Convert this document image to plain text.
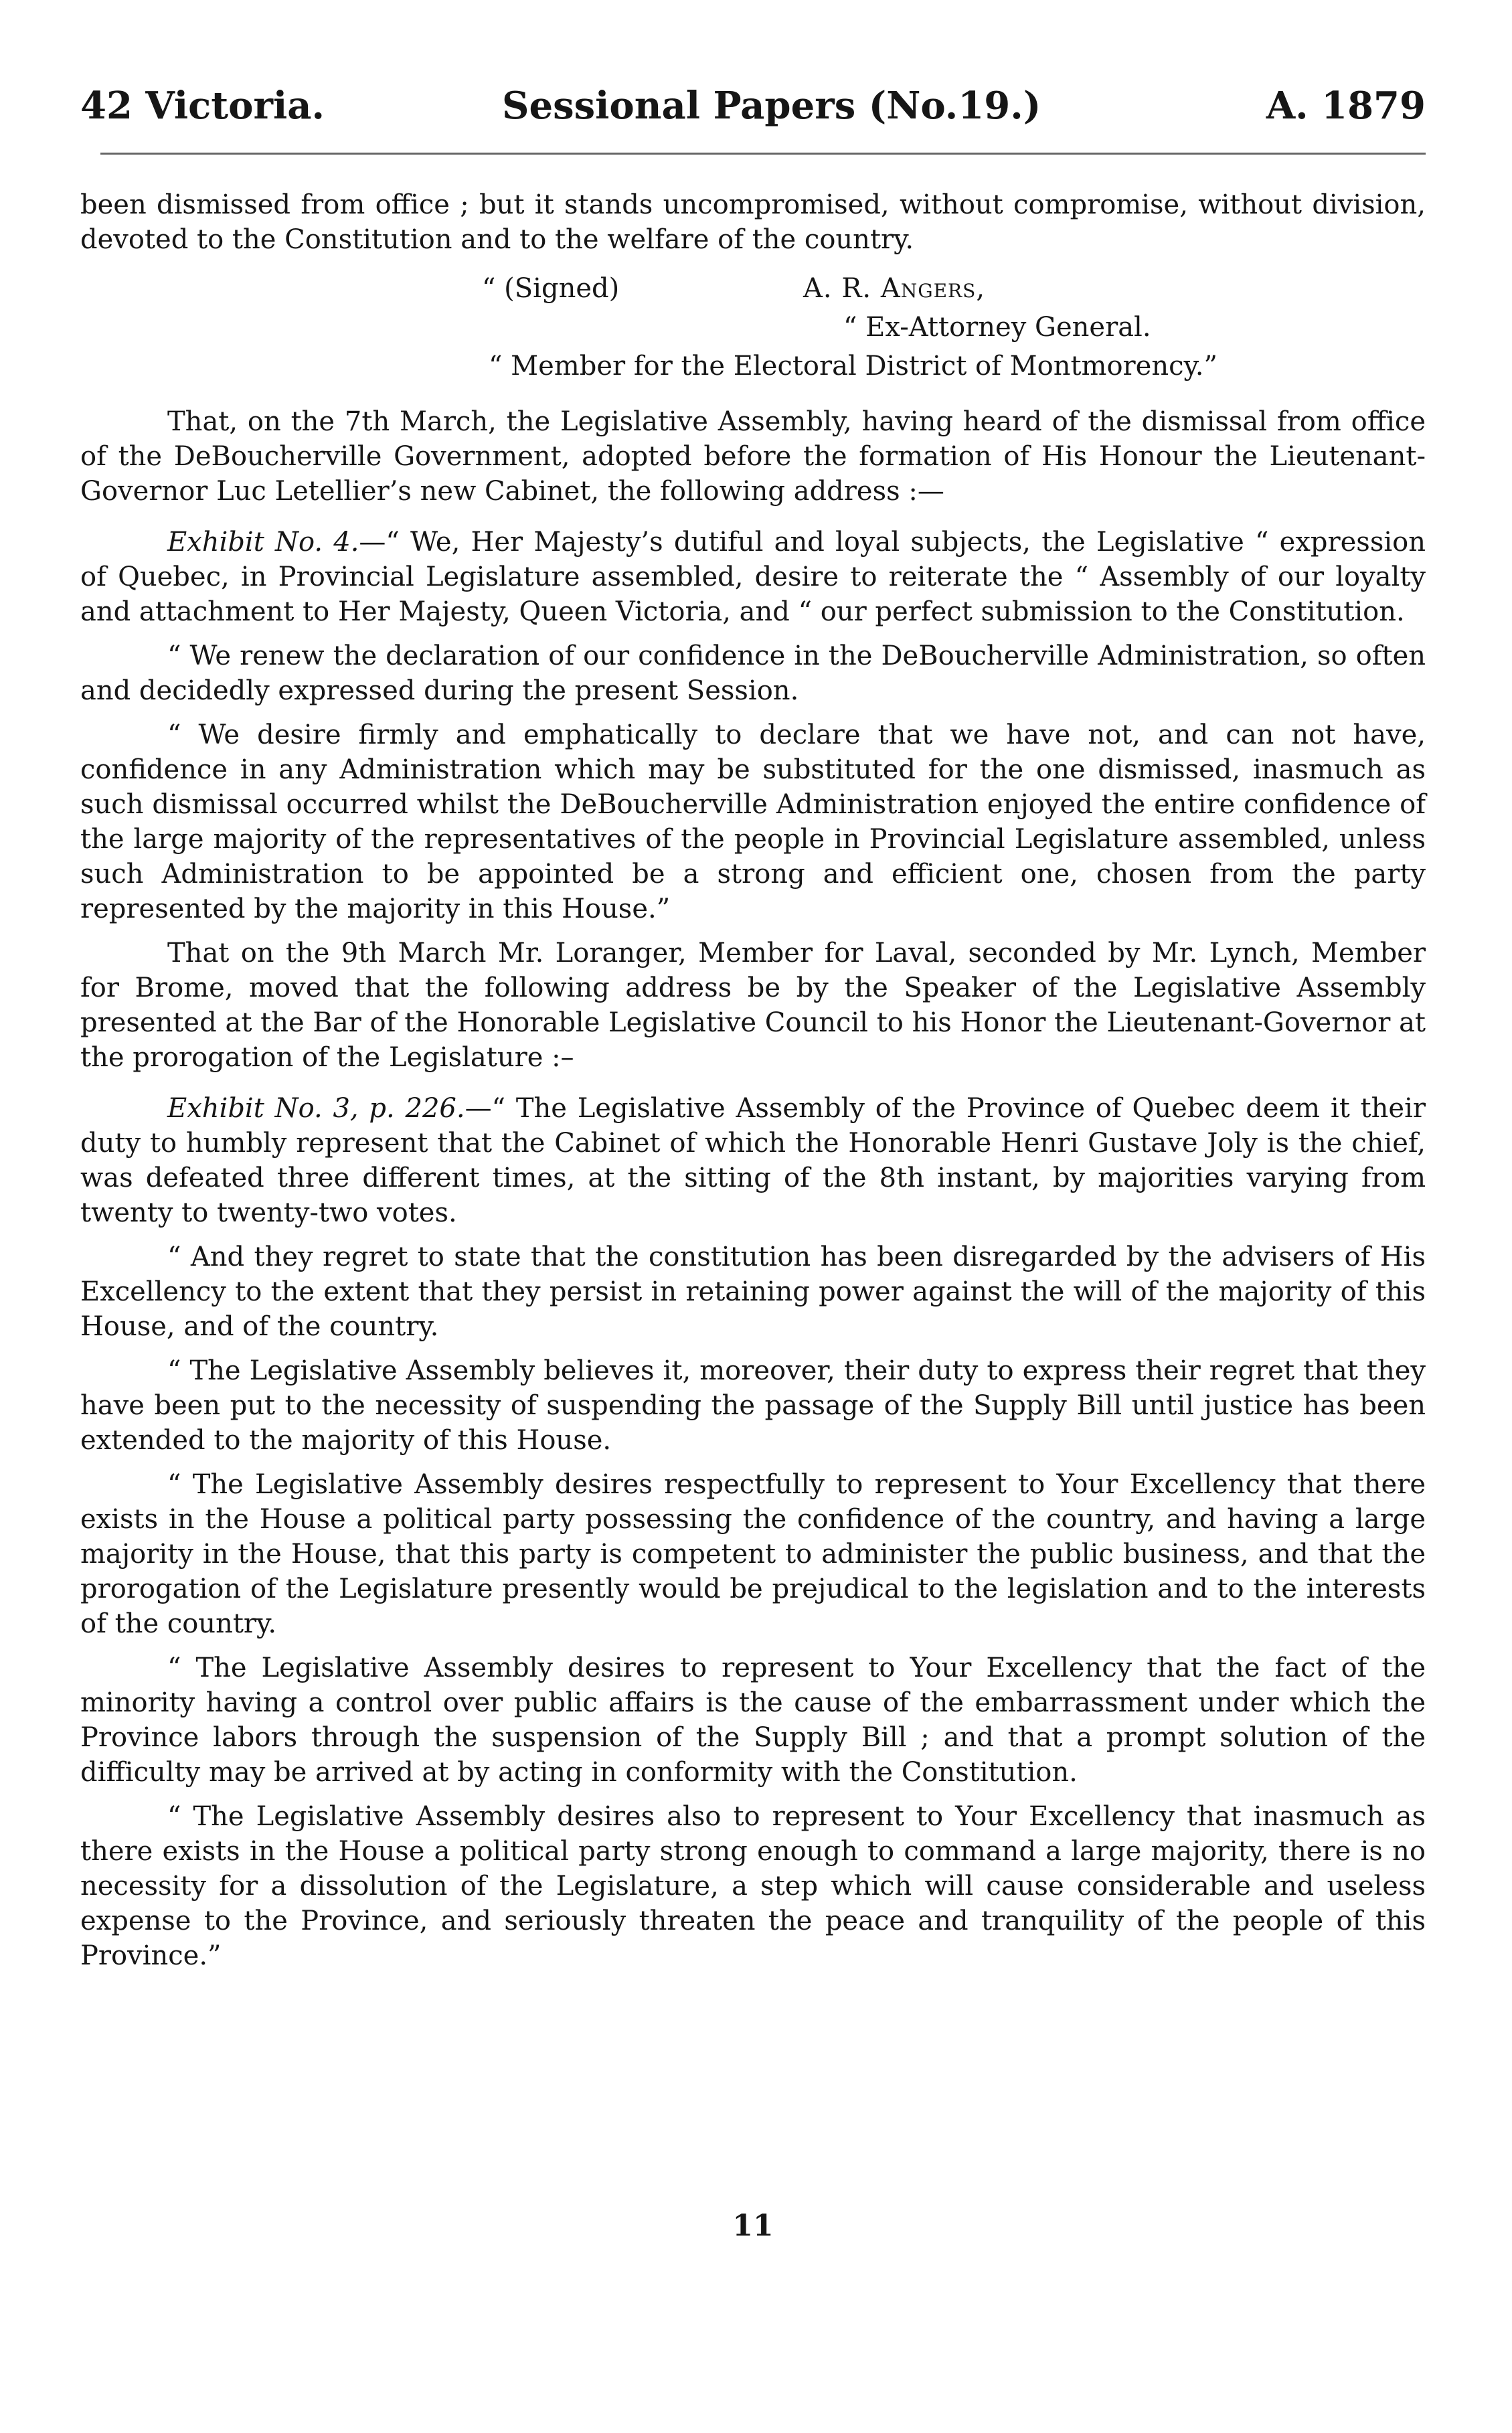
42 Victoria.	Sessional Papers (No.19.)	A. 1879

been dismissed from office ; but it stands uncompromised, without compromise, without division, devoted to the Constitution and to the welfare of the country.

“ (Signed)	A. R. Angers,
“ Ex-Attorney General.
“ Member for the Electoral District of Montmorency.”

That, on the 7th March, the Legislative Assembly, having heard of the dismissal from office of the DeBoucherville Government, adopted before the formation of His Honour the Lieutenant-Governor Luc Letellier’s new Cabinet, the following address :—

Exhibit No. 4.—“ We, Her Majesty’s dutiful and loyal subjects, the Legislative “ expression of Quebec, in Provincial Legislature assembled, desire to reiterate the “ Assembly of our loyalty and attachment to Her Majesty, Queen Victoria, and “ our perfect submission to the Constitution.

“ We renew the declaration of our confidence in the DeBoucherville Administration, so often and decidedly expressed during the present Session.

“ We desire firmly and emphatically to declare that we have not, and can not have, confidence in any Administration which may be substituted for the one dismissed, inasmuch as such dismissal occurred whilst the DeBoucherville Administration enjoyed the entire confidence of the large majority of the representatives of the people in Provincial Legislature assembled, unless such Administration to be appointed be a strong and efficient one, chosen from the party represented by the majority in this House.”

That on the 9th March Mr. Loranger, Member for Laval, seconded by Mr. Lynch, Member for Brome, moved that the following address be by the Speaker of the Legislative Assembly presented at the Bar of the Honorable Legislative Council to his Honor the Lieutenant-Governor at the prorogation of the Legislature :–

Exhibit No. 3, p. 226.—“ The Legislative Assembly of the Province of Quebec deem it their duty to humbly represent that the Cabinet of which the Honorable Henri Gustave Joly is the chief, was defeated three different times, at the sitting of the 8th instant, by majorities varying from twenty to twenty-two votes.

“ And they regret to state that the constitution has been disregarded by the advisers of His Excellency to the extent that they persist in retaining power against the will of the majority of this House, and of the country.

“ The Legislative Assembly believes it, moreover, their duty to express their regret that they have been put to the necessity of suspending the passage of the Supply Bill until justice has been extended to the majority of this House.

“ The Legislative Assembly desires respectfully to represent to Your Excellency that there exists in the House a political party possessing the confidence of the country, and having a large majority in the House, that this party is competent to administer the public business, and that the prorogation of the Legislature presently would be prejudical to the legislation and to the interests of the country.

“ The Legislative Assembly desires to represent to Your Excellency that the fact of the minority having a control over public affairs is the cause of the embarrassment under which the Province labors through the suspension of the Supply Bill ; and that a prompt solution of the difficulty may be arrived at by acting in conformity with the Constitution.

“ The Legislative Assembly desires also to represent to Your Excellency that inasmuch as there exists in the House a political party strong enough to command a large majority, there is no necessity for a dissolution of the Legislature, a step which will cause considerable and useless expense to the Province, and seriously threaten the peace and tranquility of the people of this Province.”

11
